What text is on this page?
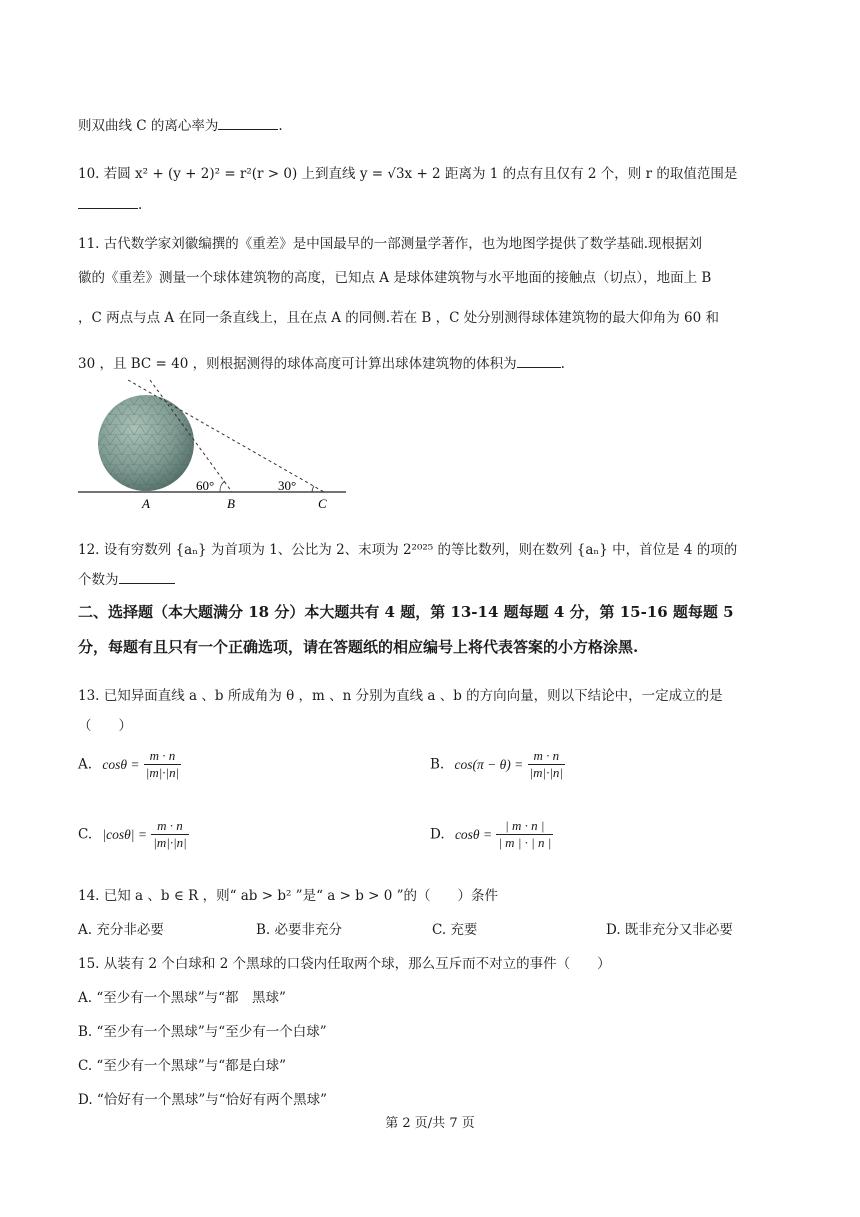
则双曲线 C 的离心率为	.
10. 若圆 x² + (y + 2)² = r²(r > 0) 上到直线 y = √3x + 2 距离为 1 的点有且仅有 2 个，则 r 的取值范围是
.
11. 古代数学家刘徽编撰的《重差》是中国最早的一部测量学著作，也为地图学提供了数学基础.现根据刘
徽的《重差》测量一个球体建筑物的高度，已知点 A 是球体建筑物与水平地面的接触点（切点），地面上 B
，C 两点与点 A 在同一条直线上，且在点 A 的同侧.若在 B ，C 处分别测得球体建筑物的最大仰角为 60 和
30 ，且 BC = 40 ，则根据测得的球体高度可计算出球体建筑物的体积为	.
60°	30°
A	B	C
12. 设有穷数列 {aₙ} 为首项为 1、公比为 2、末项为 2²⁰²⁵ 的等比数列，则在数列 {aₙ} 中，首位是 4 的项的
个数为
二、选择题（本大题满分 18 分）本大题共有 4 题，第 13-14 题每题 4 分，第 15-16 题每题 5
分，每题有且只有一个正确选项，请在答题纸的相应编号上将代表答案的小方格涂黑.
13. 已知异面直线 a 、b 所成角为 θ ，m 、n 分别为直线 a 、b 的方向向量，则以下结论中，一定成立的是
（　　）
A. $\cos\theta = \frac{m \cdot n}{|m|\cdot|n|}$	B. $\cos(\pi - \theta) = \frac{m \cdot n}{|m|\cdot|n|}$
C. $|\cos\theta| = \frac{m \cdot n}{|m|\cdot|n|}$	D. $\cos\theta = \frac{| m \cdot n |}{| m | \cdot | n |}$
14. 已知 a 、b ∈ R ，则“ ab > b² ”是“ a > b > 0 ”的（　　）条件
A. 充分非必要	B. 必要非充分	C. 充要	D. 既非充分又非必要
15. 从装有 2 个白球和 2 个黑球的口袋内任取两个球，那么互斥而不对立的事件（　　）
A. “至少有一个黑球”与“都　黑球”
B. “至少有一个黑球”与“至少有一个白球”
C. “至少有一个黑球”与“都是白球”
D. “恰好有一个黑球”与“恰好有两个黑球”
第 2 页/共 7 页
